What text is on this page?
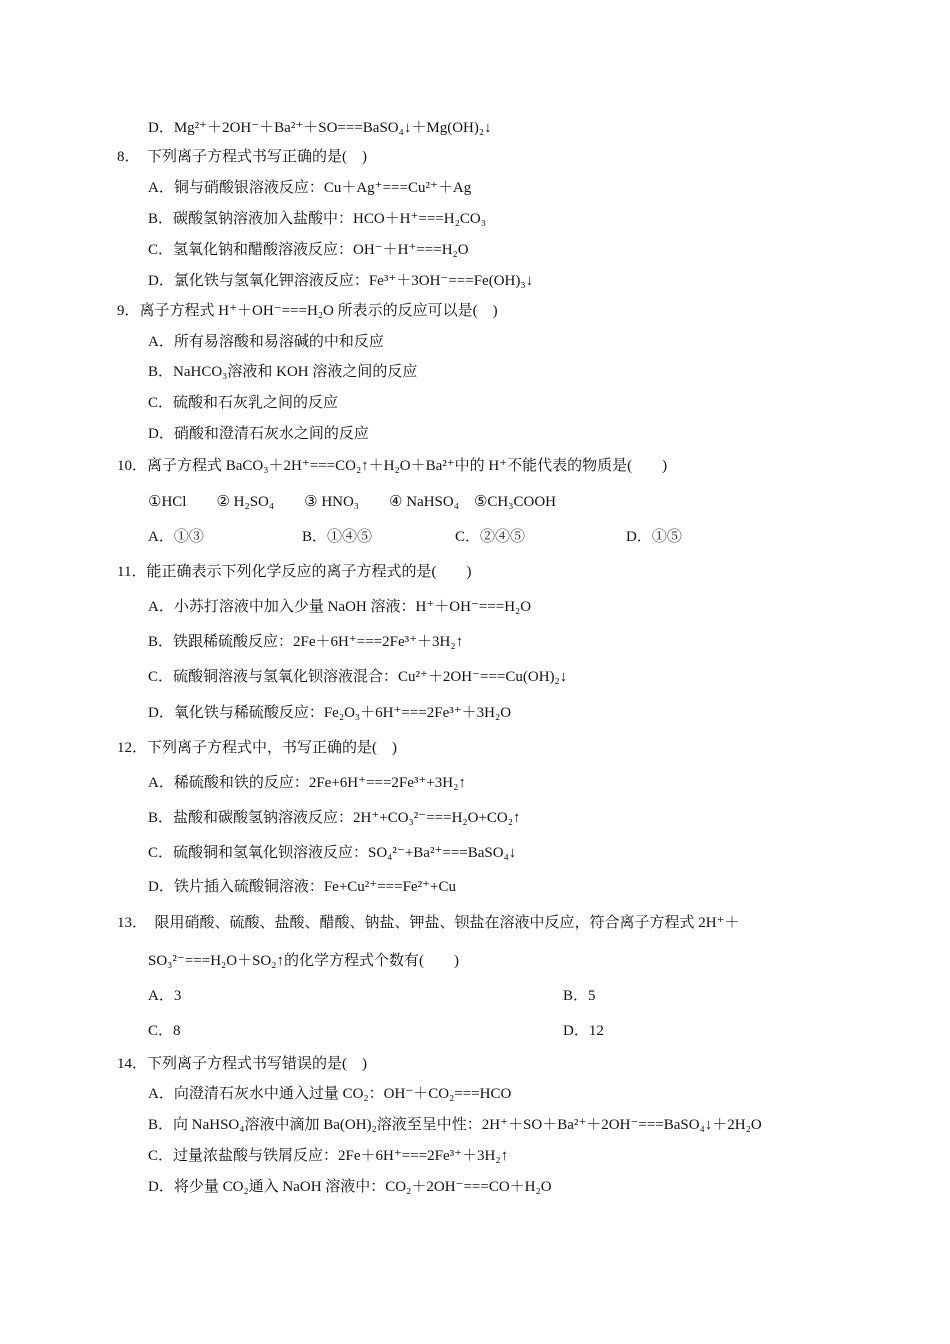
D．Mg²⁺＋2OH⁻＋Ba²⁺＋SO===BaSO₄↓＋Mg(OH)₂↓
8．　下列离子方程式书写正确的是(　)
A．铜与硝酸银溶液反应：Cu＋Ag⁺===Cu²⁺＋Ag
B．碳酸氢钠溶液加入盐酸中：HCO＋H⁺===H₂CO₃
C．氢氧化钠和醋酸溶液反应：OH⁻＋H⁺===H₂O
D．氯化铁与氢氧化钾溶液反应：Fe³⁺＋3OH⁻===Fe(OH)₃↓
9．离子方程式 H⁺＋OH⁻===H₂O 所表示的反应可以是(　)
A．所有易溶酸和易溶碱的中和反应
B．NaHCO₃溶液和 KOH 溶液之间的反应
C．硫酸和石灰乳之间的反应
D．硝酸和澄清石灰水之间的反应
10．离子方程式 BaCO₃＋2H⁺===CO₂↑＋H₂O＋Ba²⁺中的 H⁺不能代表的物质是(　　)
①HCl　　② H₂SO₄　　③ HNO₃　　④ NaHSO₄　⑤CH₃COOH
A．①③	B．①④⑤	C．②④⑤	D．①⑤
11．能正确表示下列化学反应的离子方程式的是(　　)
A．小苏打溶液中加入少量 NaOH 溶液：H⁺＋OH⁻===H₂O
B．铁跟稀硫酸反应：2Fe＋6H⁺===2Fe³⁺＋3H₂↑
C．硫酸铜溶液与氢氧化钡溶液混合：Cu²⁺＋2OH⁻===Cu(OH)₂↓
D．氧化铁与稀硫酸反应：Fe₂O₃＋6H⁺===2Fe³⁺＋3H₂O
12．下列离子方程式中，书写正确的是(　)
A．稀硫酸和铁的反应：2Fe+6H⁺===2Fe³⁺+3H₂↑
B．盐酸和碳酸氢钠溶液反应：2H⁺+CO₃²⁻===H₂O+CO₂↑
C．硫酸铜和氢氧化钡溶液反应：SO₄²⁻+Ba²⁺===BaSO₄↓
D．铁片插入硫酸铜溶液：Fe+Cu²⁺===Fe²⁺+Cu
13．　限用硝酸、硫酸、盐酸、醋酸、钠盐、钾盐、钡盐在溶液中反应，符合离子方程式 2H⁺＋
SO₃²⁻===H₂O＋SO₂↑的化学方程式个数有(　　)
A．3	B．5
C．8	D．12
14．下列离子方程式书写错误的是(　)
A．向澄清石灰水中通入过量 CO₂：OH⁻＋CO₂===HCO
B．向 NaHSO₄溶液中滴加 Ba(OH)₂溶液至呈中性：2H⁺＋SO＋Ba²⁺＋2OH⁻===BaSO₄↓＋2H₂O
C．过量浓盐酸与铁屑反应：2Fe＋6H⁺===2Fe³⁺＋3H₂↑
D．将少量 CO₂通入 NaOH 溶液中：CO₂＋2OH⁻===CO＋H₂O
